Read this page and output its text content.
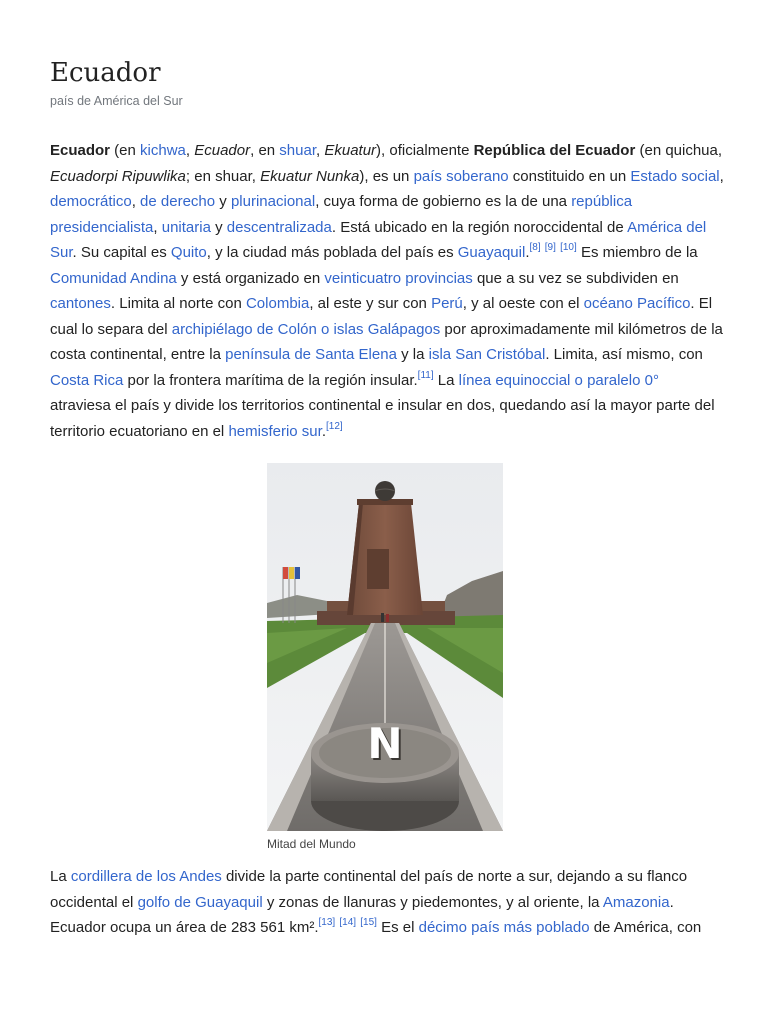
Ecuador
país de América del Sur
Ecuador (en kichwa, Ecuador, en shuar, Ekuatur), oficialmente República del Ecuador (en quichua,
Ecuadorpi Ripuwlika; en shuar, Ekuatur Nunka), es un país soberano constituido en un Estado social,
democrático, de derecho y plurinacional, cuya forma de gobierno es la de una república
presidencialista, unitaria y descentralizada. Está ubicado en la región noroccidental de América del
Sur. Su capital es Quito, y la ciudad más poblada del país es Guayaquil.[8] [9] [10] Es miembro de la
Comunidad Andina y está organizado en veinticuatro provincias que a su vez se subdividen en
cantones. Limita al norte con Colombia, al este y sur con Perú, y al oeste con el océano Pacífico. El
cual lo separa del archipiélago de Colón o islas Galápagos por aproximadamente mil kilómetros de la
costa continental, entre la península de Santa Elena y la isla San Cristóbal. Limita, así mismo, con
Costa Rica por la frontera marítima de la región insular.[11] La línea equinoccial o paralelo 0°
atraviesa el país y divide los territorios continental e insular en dos, quedando así la mayor parte del
territorio ecuatoriano en el hemisferio sur.[12]
Mitad del Mundo
N
La cordillera de los Andes divide la parte continental del país de norte a sur, dejando a su flanco
occidental el golfo de Guayaquil y zonas de llanuras y piedemontes, y al oriente, la Amazonia.
Ecuador ocupa un área de 283 561 km².[13] [14] [15] Es el décimo país más poblado de América, con
